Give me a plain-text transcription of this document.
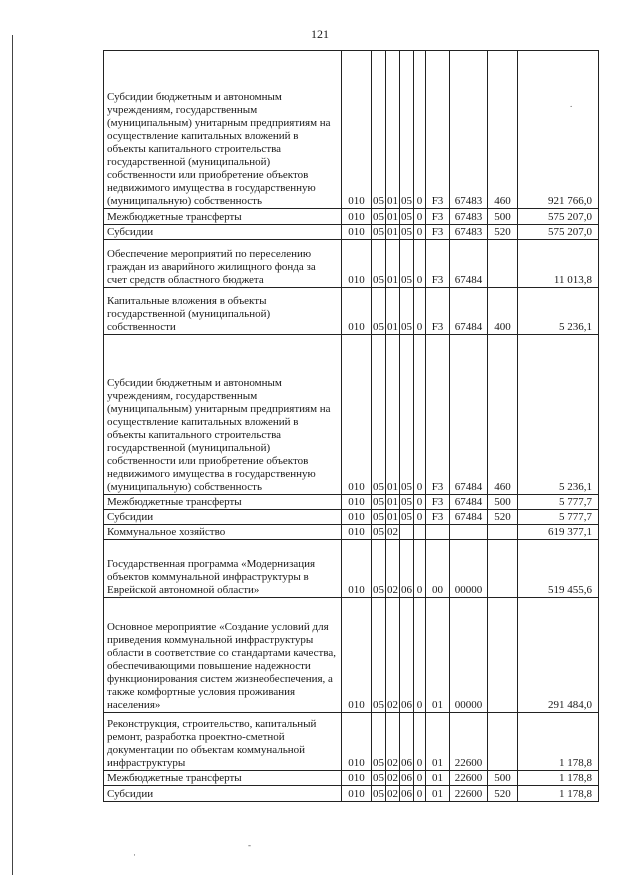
121
Субсидии бюджетным и автономным учреждениям, государственным (муниципальным) унитарным предприятиям на осуществление капитальных вложений в объекты капитального строительства государственной (муниципальной) собственности или приобретение объектов недвижимого имущества в государственную (муниципальную) собственность	010	05	01	05	0	F3	67483	460	921 766,0
Межбюджетные трансферты	010	05	01	05	0	F3	67483	500	575 207,0
Субсидии	010	05	01	05	0	F3	67483	520	575 207,0
Обеспечение мероприятий по переселению граждан из аварийного жилищного фонда за счет средств областного бюджета	010	05	01	05	0	F3	67484		11 013,8
Капитальные вложения в объекты государственной (муниципальной) собственности	010	05	01	05	0	F3	67484	400	5 236,1
Субсидии бюджетным и автономным учреждениям, государственным (муниципальным) унитарным предприятиям на осуществление капитальных вложений в объекты капитального строительства государственной (муниципальной) собственности или приобретение объектов недвижимого имущества в государственную (муниципальную) собственность	010	05	01	05	0	F3	67484	460	5 236,1
Межбюджетные трансферты	010	05	01	05	0	F3	67484	500	5 777,7
Субсидии	010	05	01	05	0	F3	67484	520	5 777,7
Коммунальное хозяйство	010	05	02						619 377,1
Государственная программа «Модернизация объектов коммунальной инфраструктуры в Еврейской автономной области»	010	05	02	06	0	00	00000		519 455,6
Основное мероприятие «Создание условий для приведения коммунальной инфраструктуры области в соответствие со стандартами качества, обеспечивающими повышение надежности функционирования систем жизнеобеспечения, а также комфортные условия проживания населения»	010	05	02	06	0	01	00000		291 484,0
Реконструкция, строительство, капитальный ремонт, разработка проектно-сметной документации по объектам коммунальной инфраструктуры	010	05	02	06	0	01	22600		1 178,8
Межбюджетные трансферты	010	05	02	06	0	01	22600	500	1 178,8
Субсидии	010	05	02	06	0	01	22600	520	1 178,8
.
-
·
